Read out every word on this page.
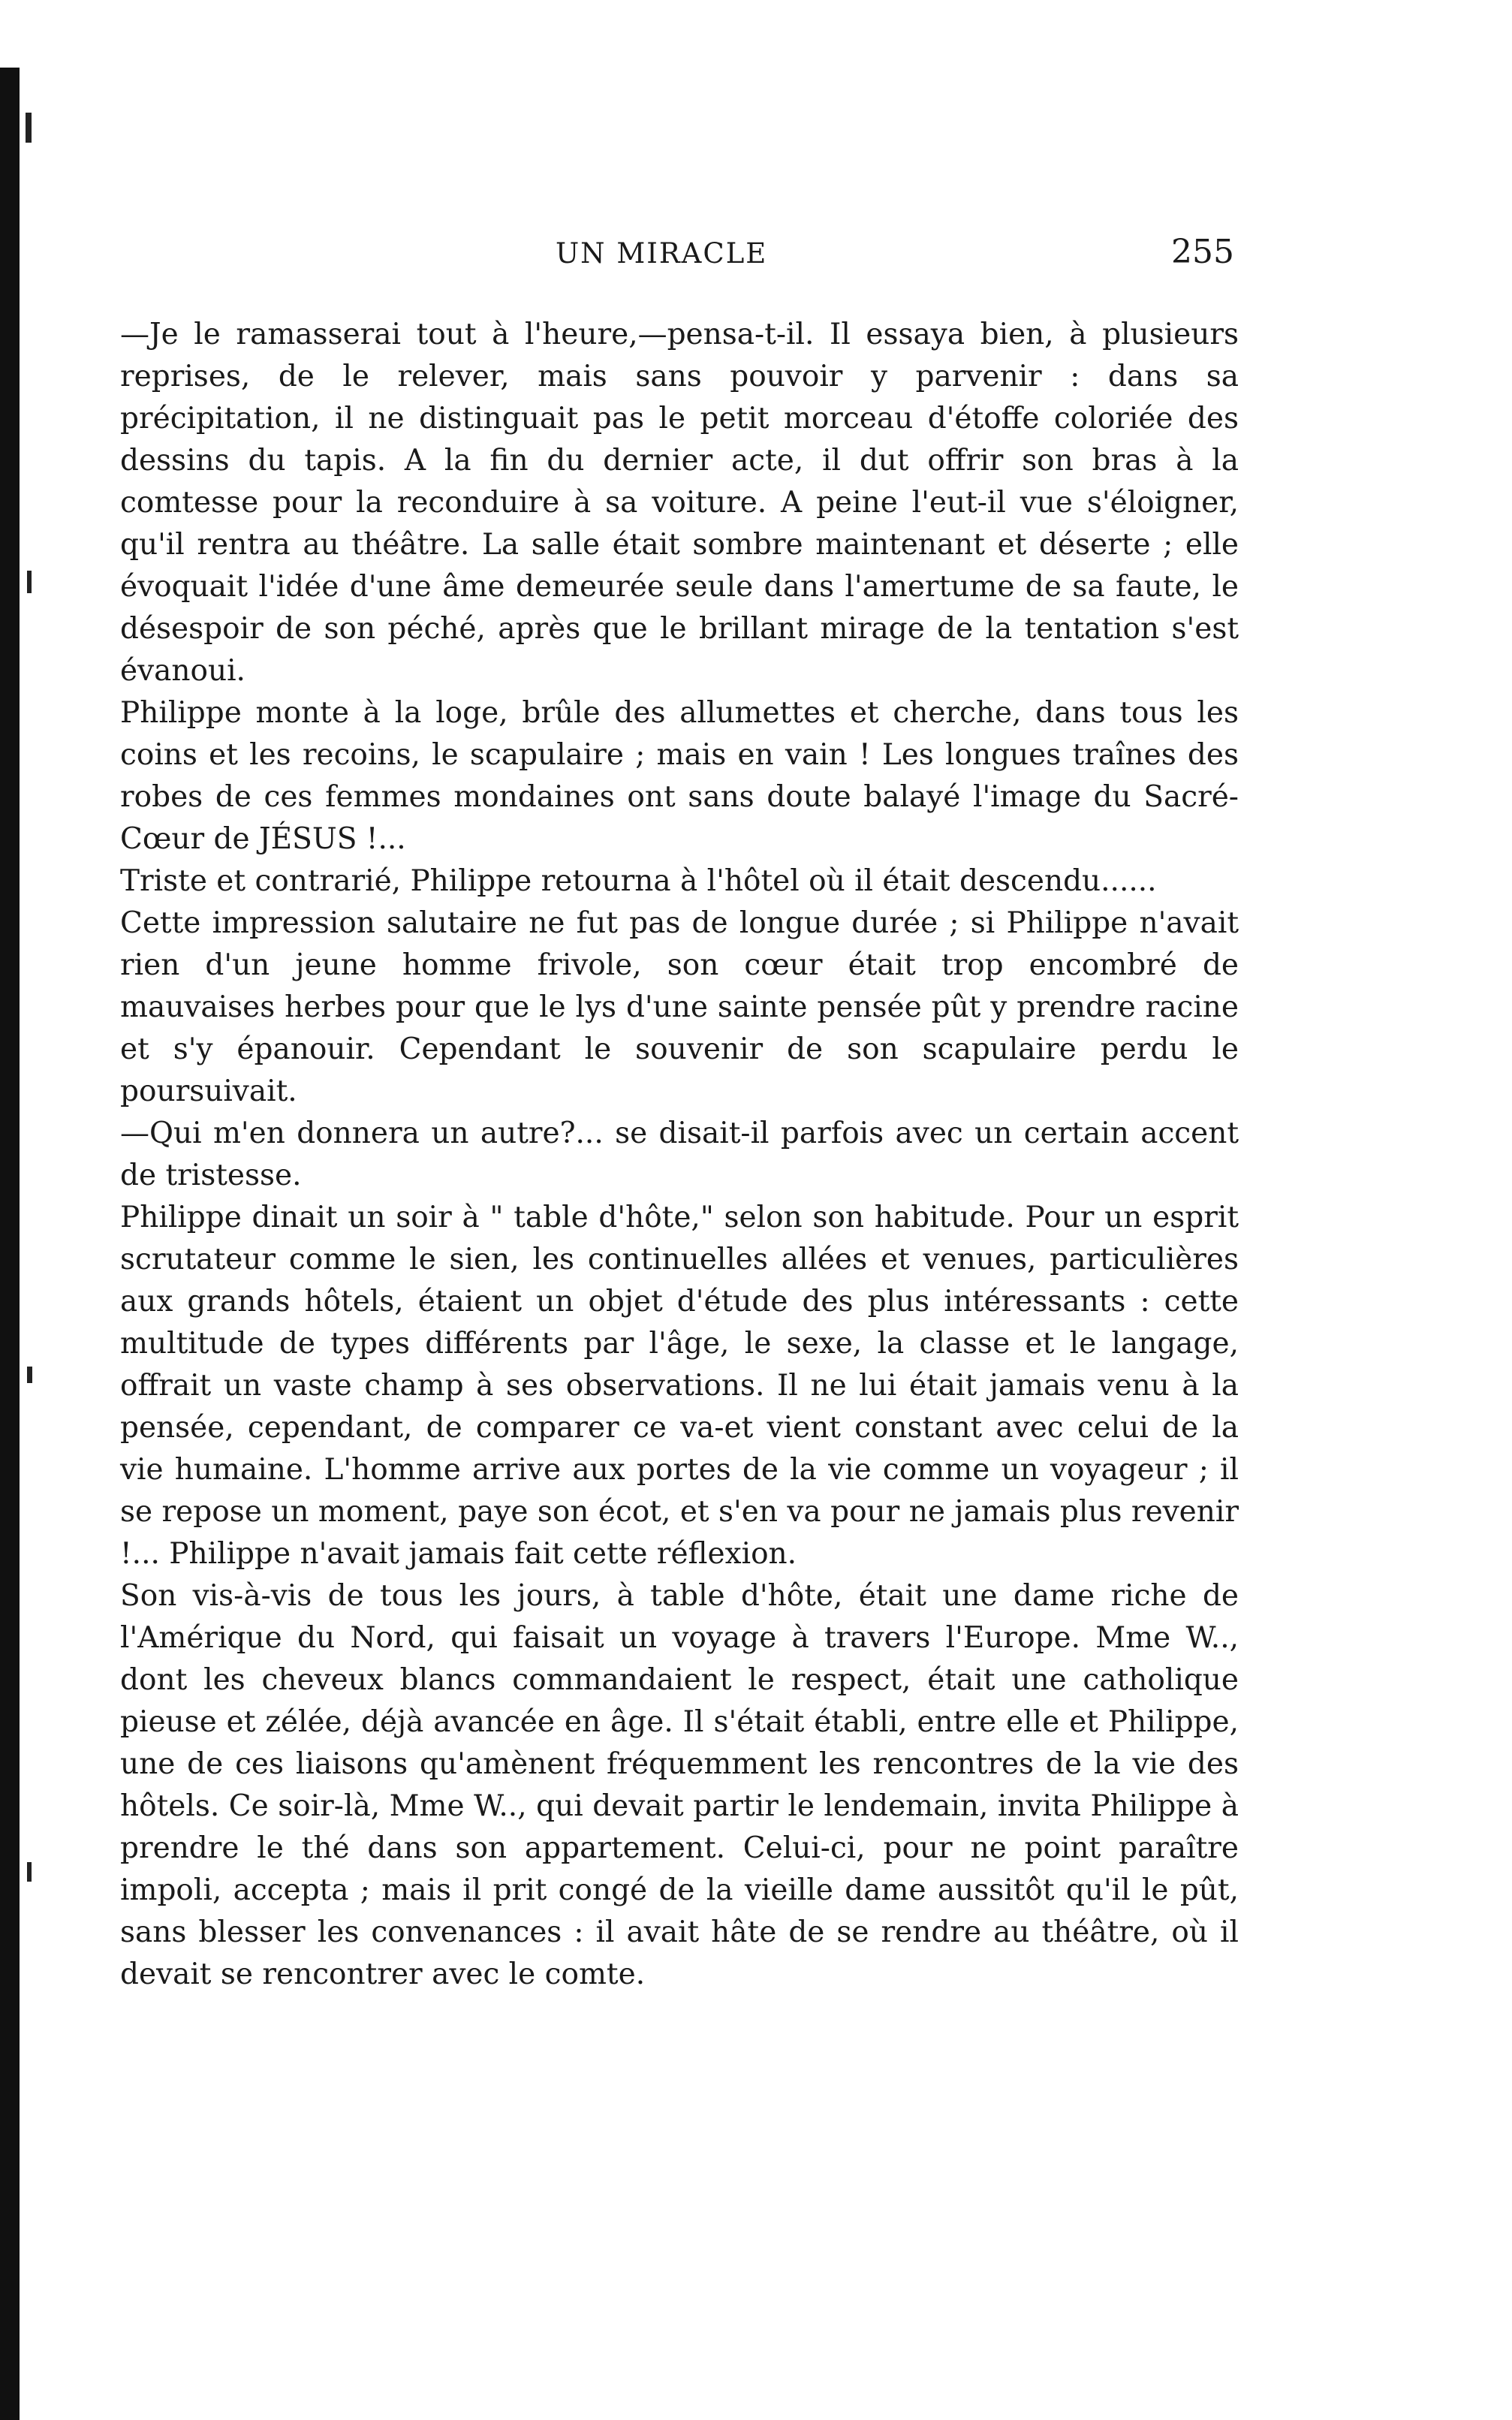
UN MIRACLE	255

—Je le ramasserai tout à l'heure,—pensa-t-il. Il essaya bien, à plusieurs reprises, de le relever, mais sans pouvoir y parvenir : dans sa précipitation, il ne distinguait pas le petit morceau d'étoffe coloriée des dessins du tapis. A la fin du dernier acte, il dut offrir son bras à la comtesse pour la reconduire à sa voiture. A peine l'eut-il vue s'éloigner, qu'il rentra au théâtre. La salle était sombre maintenant et déserte ; elle évoquait l'idée d'une âme demeurée seule dans l'amertume de sa faute, le désespoir de son péché, après que le brillant mirage de la tentation s'est évanoui.

Philippe monte à la loge, brûle des allumettes et cherche, dans tous les coins et les recoins, le scapulaire ; mais en vain ! Les longues traînes des robes de ces femmes mondaines ont sans doute balayé l'image du Sacré-Cœur de JÉSUS !...

Triste et contrarié, Philippe retourna à l'hôtel où il était descendu......

Cette impression salutaire ne fut pas de longue durée ; si Philippe n'avait rien d'un jeune homme frivole, son cœur était trop encombré de mauvaises herbes pour que le lys d'une sainte pensée pût y prendre racine et s'y épanouir. Cependant le souvenir de son scapulaire perdu le poursuivait.

—Qui m'en donnera un autre?... se disait-il parfois avec un certain accent de tristesse.

Philippe dinait un soir à " table d'hôte," selon son habitude. Pour un esprit scrutateur comme le sien, les continuelles allées et venues, particulières aux grands hôtels, étaient un objet d'étude des plus intéressants : cette multitude de types différents par l'âge, le sexe, la classe et le langage, offrait un vaste champ à ses observations. Il ne lui était jamais venu à la pensée, cependant, de comparer ce va-et vient constant avec celui de la vie humaine. L'homme arrive aux portes de la vie comme un voyageur ; il se repose un moment, paye son écot, et s'en va pour ne jamais plus revenir !... Philippe n'avait jamais fait cette réflexion.

Son vis-à-vis de tous les jours, à table d'hôte, était une dame riche de l'Amérique du Nord, qui faisait un voyage à travers l'Europe. Mme W.., dont les cheveux blancs commandaient le respect, était une catholique pieuse et zélée, déjà avancée en âge. Il s'était établi, entre elle et Philippe, une de ces liaisons qu'amènent fréquemment les rencontres de la vie des hôtels. Ce soir-là, Mme W.., qui devait partir le lendemain, invita Philippe à prendre le thé dans son appartement. Celui-ci, pour ne point paraître impoli, accepta ; mais il prit congé de la vieille dame aussitôt qu'il le pût, sans blesser les convenances : il avait hâte de se rendre au théâtre, où il devait se rencontrer avec le comte.
